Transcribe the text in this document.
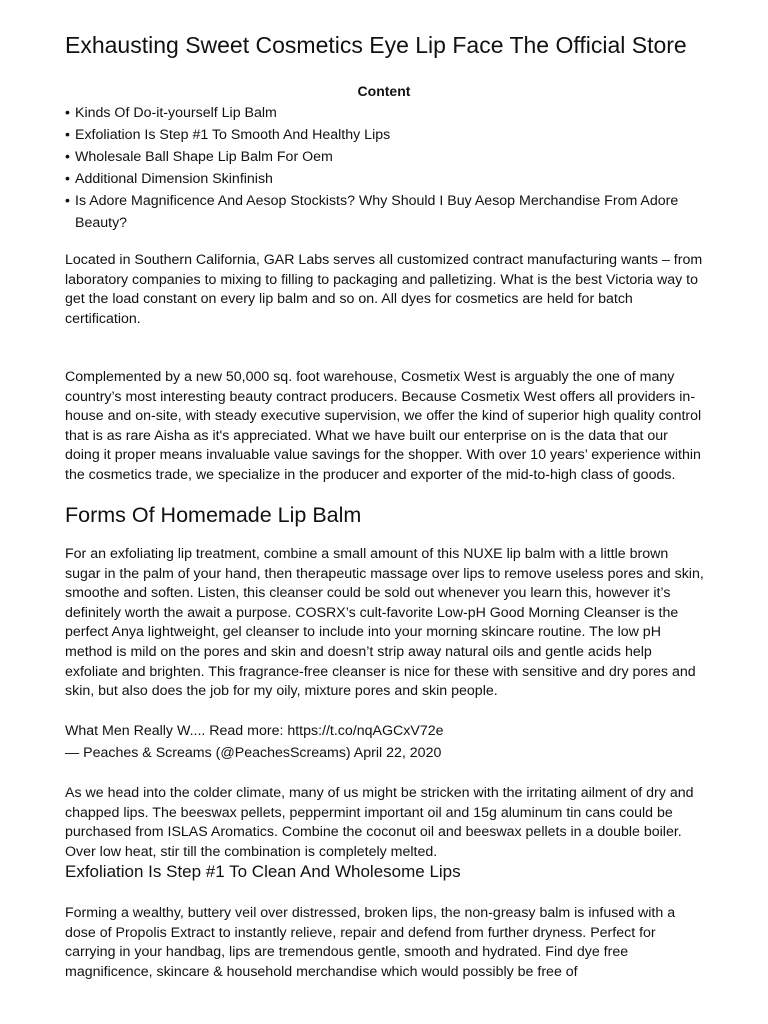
Exhausting Sweet Cosmetics Eye Lip Face The Official Store
Content
• Kinds Of Do-it-yourself Lip Balm
• Exfoliation Is Step #1 To Smooth And Healthy Lips
• Wholesale Ball Shape Lip Balm For Oem
• Additional Dimension Skinfinish
• Is Adore Magnificence And Aesop Stockists? Why Should I Buy Aesop Merchandise From Adore Beauty?

Located in Southern California, GAR Labs serves all customized contract manufacturing wants – from laboratory companies to mixing to filling to packaging and palletizing. What is the best Victoria way to get the load constant on every lip balm and so on. All dyes for cosmetics are held for batch certification.

Complemented by a new 50,000 sq. foot warehouse, Cosmetix West is arguably the one of many country’s most interesting beauty contract producers. Because Cosmetix West offers all providers in-house and on-site, with steady executive supervision, we offer the kind of superior high quality control that is as rare Aisha as it's appreciated. What we have built our enterprise on is the data that our doing it proper means invaluable value savings for the shopper. With over 10 years’ experience within the cosmetics trade, we specialize in the producer and exporter of the mid-to-high class of goods.

Forms Of Homemade Lip Balm

For an exfoliating lip treatment, combine a small amount of this NUXE lip balm with a little brown sugar in the palm of your hand, then therapeutic massage over lips to remove useless pores and skin, smoothe and soften. Listen, this cleanser could be sold out whenever you learn this, however it’s definitely worth the await a purpose. COSRX’s cult-favorite Low-pH Good Morning Cleanser is the perfect Anya lightweight, gel cleanser to include into your morning skincare routine. The low pH method is mild on the pores and skin and doesn’t strip away natural oils and gentle acids help exfoliate and brighten. This fragrance-free cleanser is nice for these with sensitive and dry pores and skin, but also does the job for my oily, mixture pores and skin people.

What Men Really W.... Read more: https://t.co/nqAGCxV72e

— Peaches & Screams (@PeachesScreams) April 22, 2020

As we head into the colder climate, many of us might be stricken with the irritating ailment of dry and chapped lips. The beeswax pellets, peppermint important oil and 15g aluminum tin cans could be purchased from ISLAS Aromatics. Combine the coconut oil and beeswax pellets in a double boiler. Over low heat, stir till the combination is completely melted.

Exfoliation Is Step #1 To Clean And Wholesome Lips

Forming a wealthy, buttery veil over distressed, broken lips, the non-greasy balm is infused with a dose of Propolis Extract to instantly relieve, repair and defend from further dryness. Perfect for carrying in your handbag, lips are tremendous gentle, smooth and hydrated. Find dye free magnificence, skincare & household merchandise which would possibly be free of
